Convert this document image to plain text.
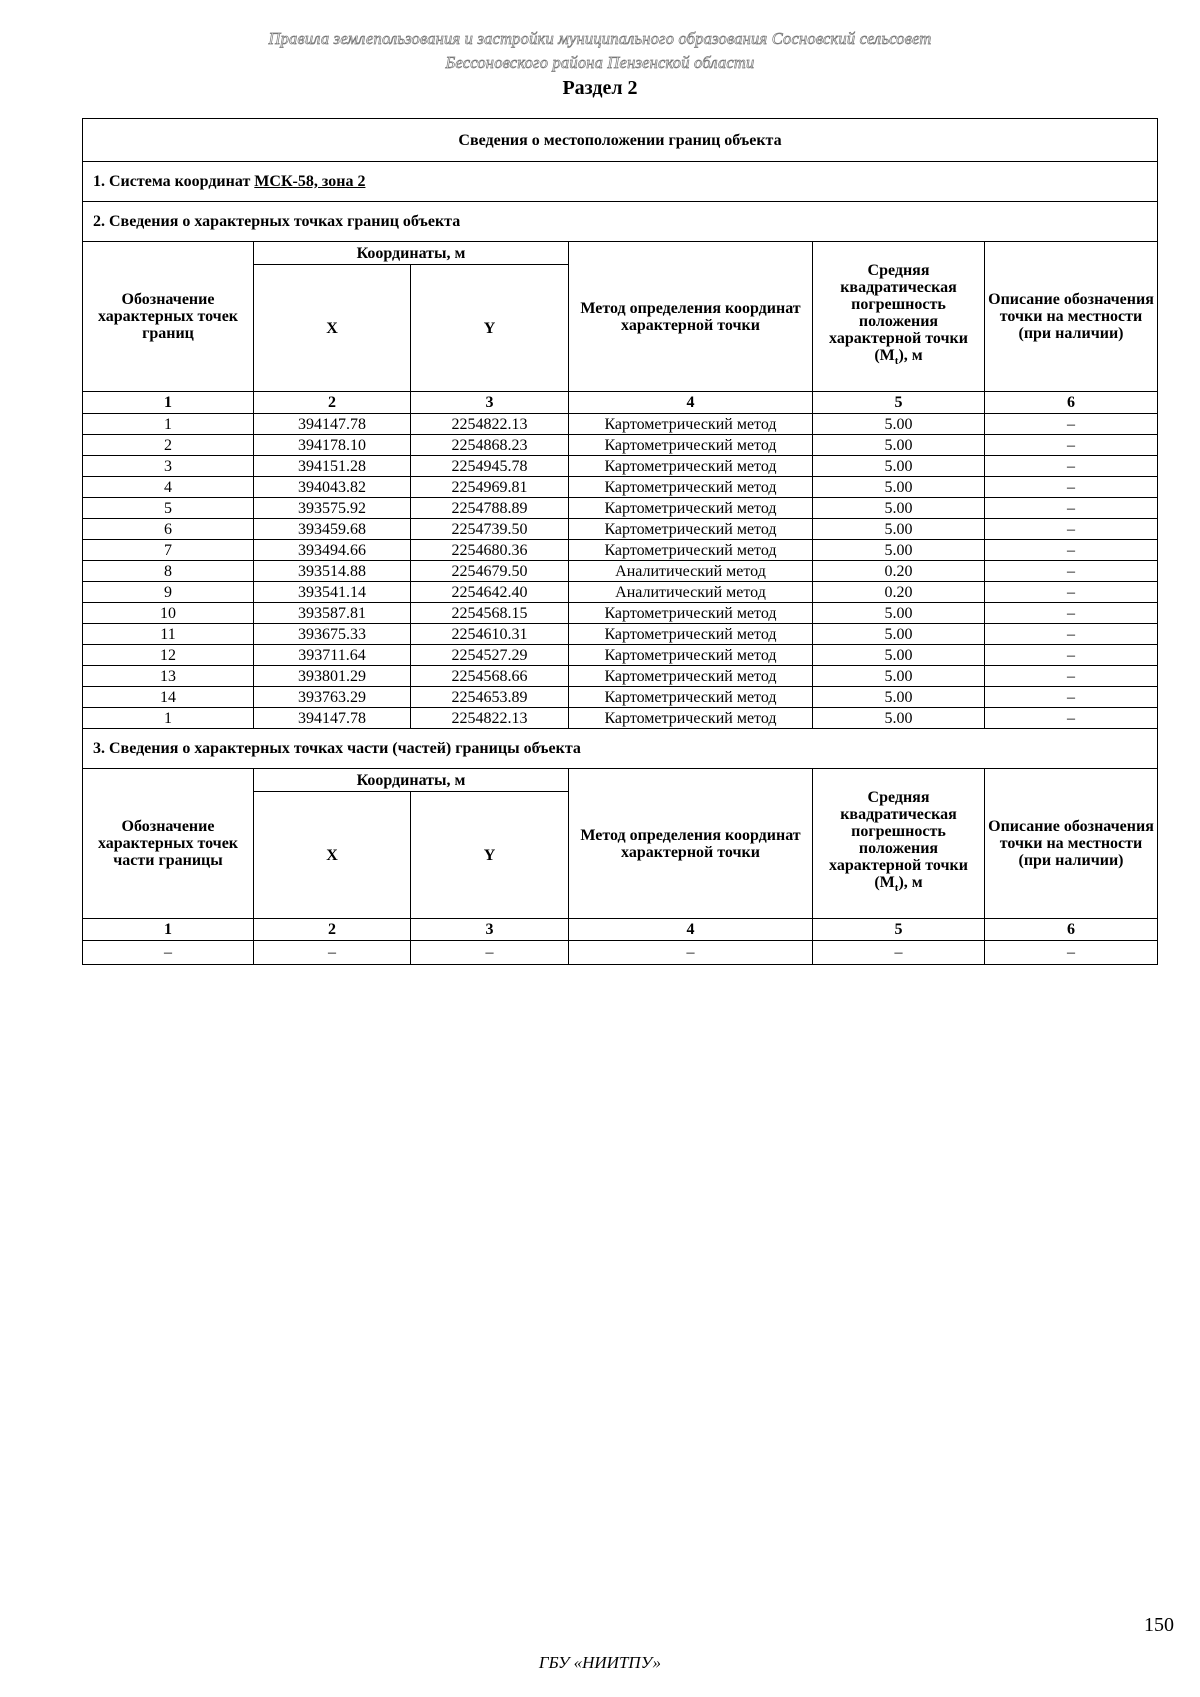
Правила землепользования и застройки муниципального образования Сосновский сельсовет
Бессоновского района Пензенской области
Раздел 2
Сведения о местоположении границ объекта					
1. Система координат МСК-58, зона 2					
2. Сведения о характерных точках границ объекта					
Обозначение характерных точек границ	Координаты, м		Метод определения координат характерной точки	Средняя квадратическая погрешность положения характерной точки $(M_t)$, м	Описание обозначения точки на местности (при наличии)
	X	Y			
1	2	3	4	5	6
1	394147.78	2254822.13	Картометрический метод	5.00	–
2	394178.10	2254868.23	Картометрический метод	5.00	–
3	394151.28	2254945.78	Картометрический метод	5.00	–
4	394043.82	2254969.81	Картометрический метод	5.00	–
5	393575.92	2254788.89	Картометрический метод	5.00	–
6	393459.68	2254739.50	Картометрический метод	5.00	–
7	393494.66	2254680.36	Картометрический метод	5.00	–
8	393514.88	2254679.50	Аналитический метод	0.20	–
9	393541.14	2254642.40	Аналитический метод	0.20	–
10	393587.81	2254568.15	Картометрический метод	5.00	–
11	393675.33	2254610.31	Картометрический метод	5.00	–
12	393711.64	2254527.29	Картометрический метод	5.00	–
13	393801.29	2254568.66	Картометрический метод	5.00	–
14	393763.29	2254653.89	Картометрический метод	5.00	–
1	394147.78	2254822.13	Картометрический метод	5.00	–
3. Сведения о характерных точках части (частей) границы объекта					
Обозначение характерных точек части границы	Координаты, м		Метод определения координат характерной точки	Средняя квадратическая погрешность положения характерной точки $(M_t)$, м	Описание обозначения точки на местности (при наличии)
	X	Y			
1	2	3	4	5	6
–	–	–	–	–	–
150
ГБУ «НИИТПУ»
